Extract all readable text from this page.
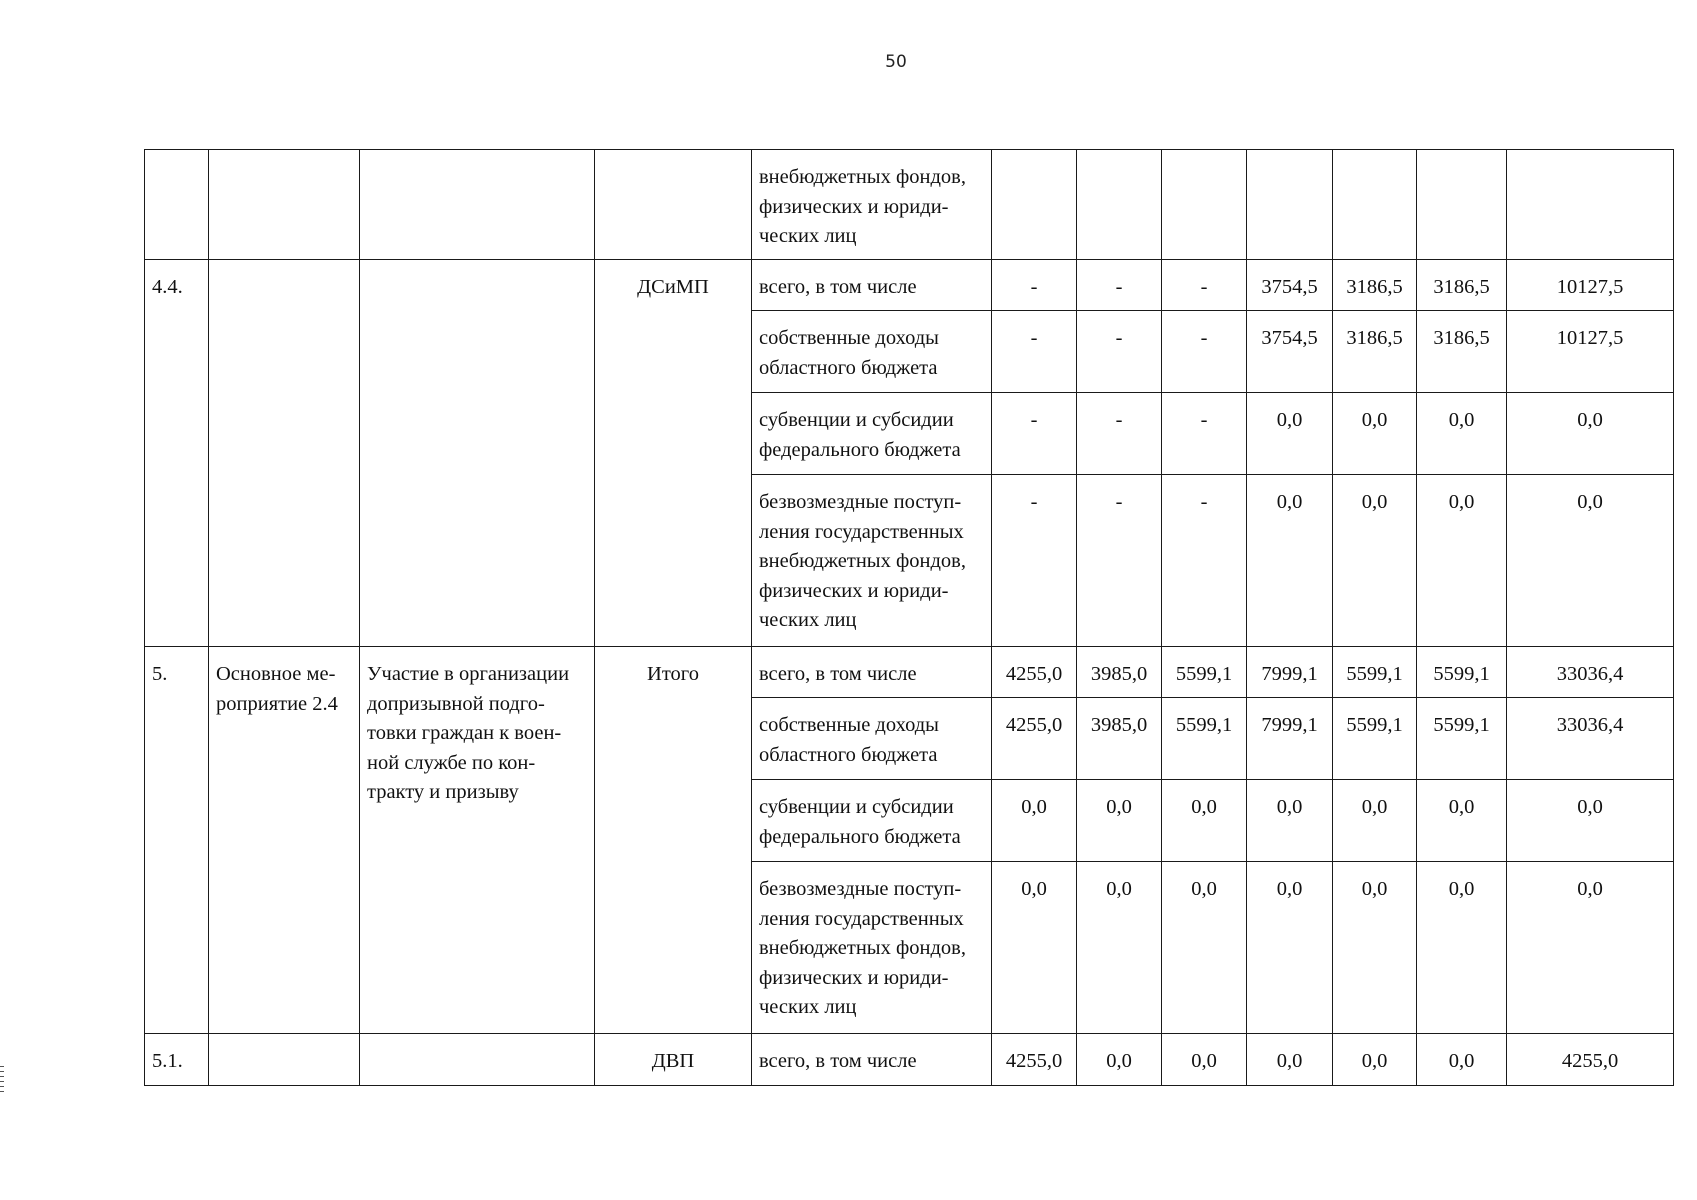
50
				внебюджетных фондов, физических и юриди-ческих лиц							
4.4.			ДСиМП	всего, в том числе	-	-	-	3754,5	3186,5	3186,5	10127,5
				собственные доходы областного бюджета	-	-	-	3754,5	3186,5	3186,5	10127,5
				субвенции и субсидии федерального бюджета	-	-	-	0,0	0,0	0,0	0,0
				безвозмездные поступ-ления государственных внебюджетных фондов, физических и юриди-ческих лиц	-	-	-	0,0	0,0	0,0	0,0
5.	Основное ме-роприятие 2.4	Участие в организации допризывной подго-товки граждан к воен-ной службе по кон-тракту и призыву	Итого	всего, в том числе	4255,0	3985,0	5599,1	7999,1	5599,1	5599,1	33036,4
				собственные доходы областного бюджета	4255,0	3985,0	5599,1	7999,1	5599,1	5599,1	33036,4
				субвенции и субсидии федерального бюджета	0,0	0,0	0,0	0,0	0,0	0,0	0,0
				безвозмездные поступ-ления государственных внебюджетных фондов, физических и юриди-ческих лиц	0,0	0,0	0,0	0,0	0,0	0,0	0,0
5.1.			ДВП	всего, в том числе	4255,0	0,0	0,0	0,0	0,0	0,0	4255,0
